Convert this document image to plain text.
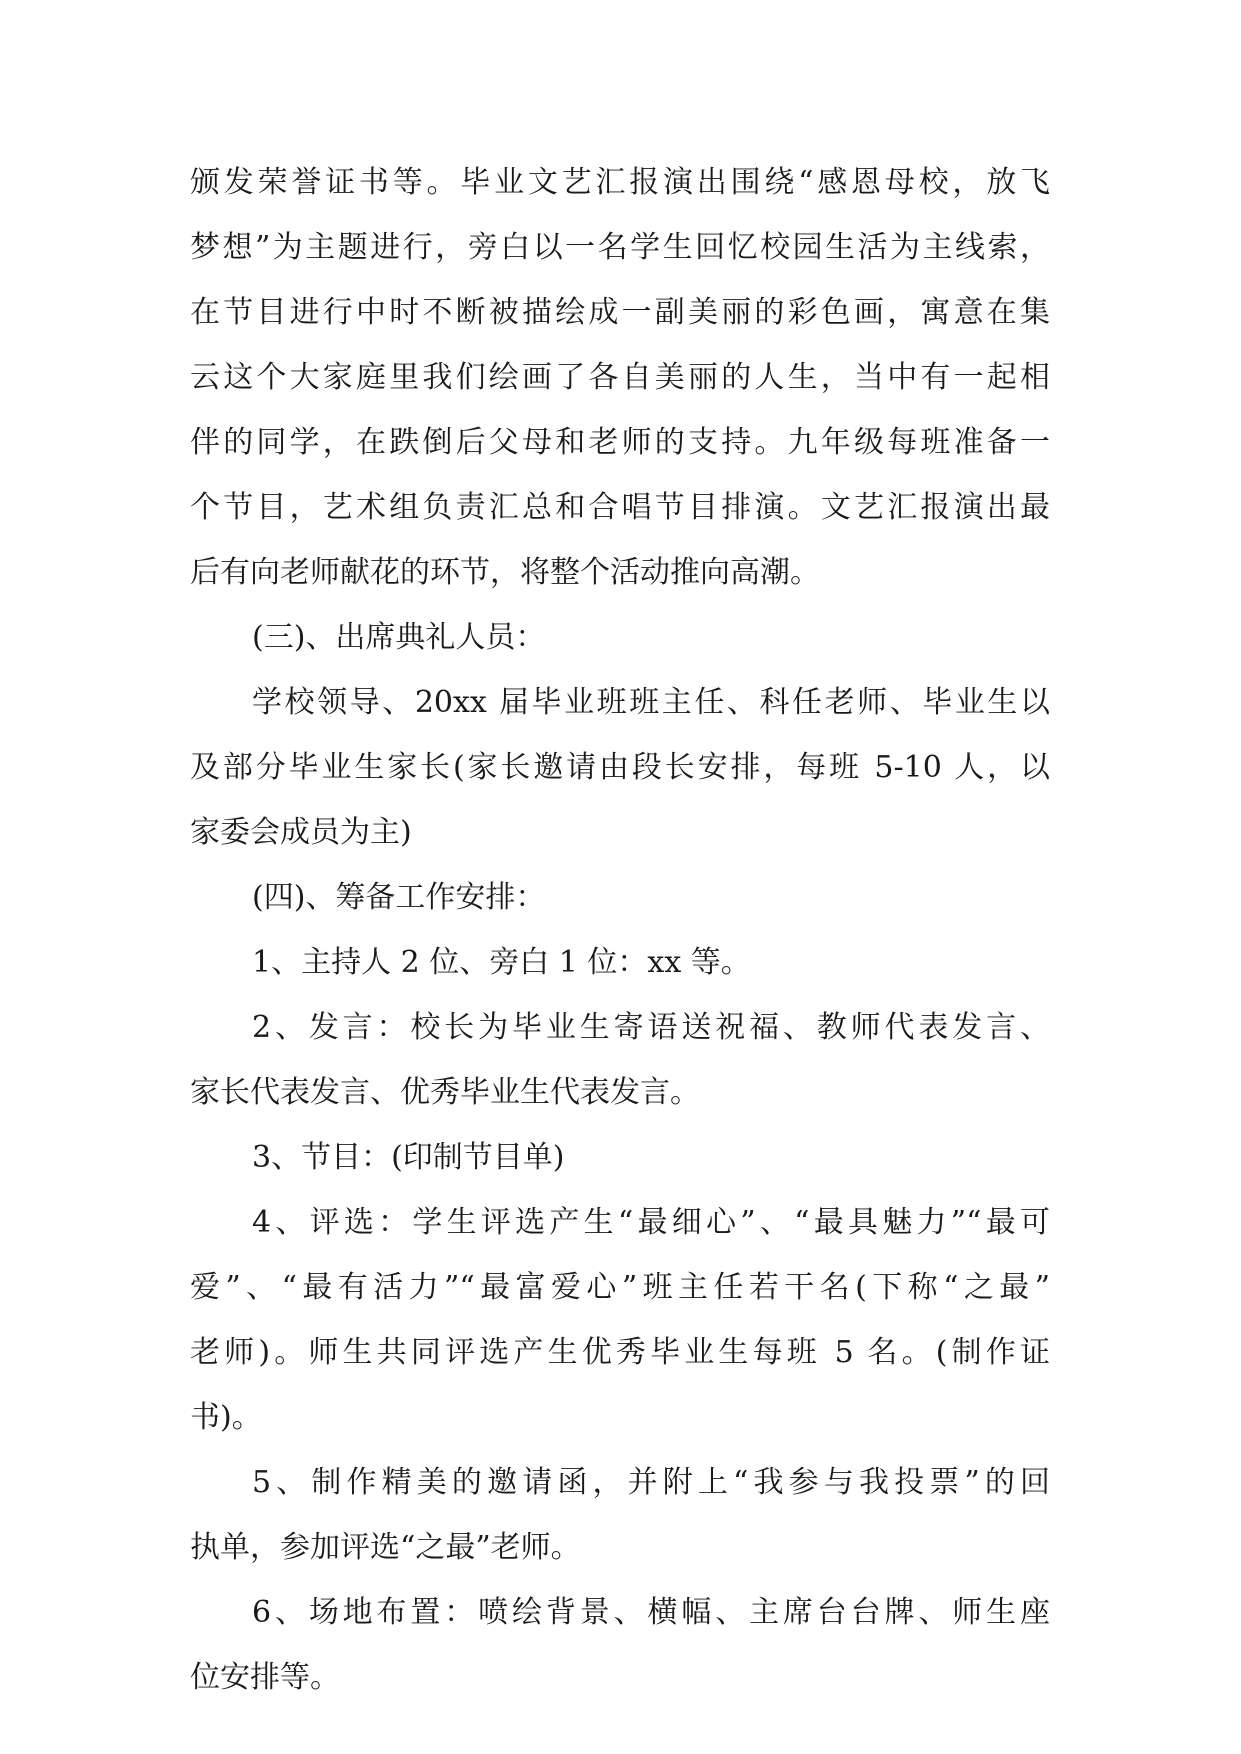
颁发荣誉证书等。毕业文艺汇报演出围绕“感恩母校，放飞
梦想”为主题进行，旁白以一名学生回忆校园生活为主线索，
在节目进行中时不断被描绘成一副美丽的彩色画，寓意在集
云这个大家庭里我们绘画了各自美丽的人生，当中有一起相
伴的同学，在跌倒后父母和老师的支持。九年级每班准备一
个节目，艺术组负责汇总和合唱节目排演。文艺汇报演出最
后有向老师献花的环节，将整个活动推向高潮。
(三)、出席典礼人员：
学校领导、20xx 届毕业班班主任、科任老师、毕业生以
及部分毕业生家长(家长邀请由段长安排，每班 5-10 人，以
家委会成员为主)
(四)、筹备工作安排：
1、主持人 2 位、旁白 1 位：xx 等。
2、发言：校长为毕业生寄语送祝福、教师代表发言、
家长代表发言、优秀毕业生代表发言。
3、节目：(印制节目单)
4、评选：学生评选产生“最细心”、“最具魅力”“最可
爱”、“最有活力”“最富爱心”班主任若干名(下称“之最”
老师)。师生共同评选产生优秀毕业生每班 5 名。(制作证
书)。
5、制作精美的邀请函，并附上“我参与我投票”的回
执单，参加评选“之最”老师。
6、场地布置：喷绘背景、横幅、主席台台牌、师生座
位安排等。
